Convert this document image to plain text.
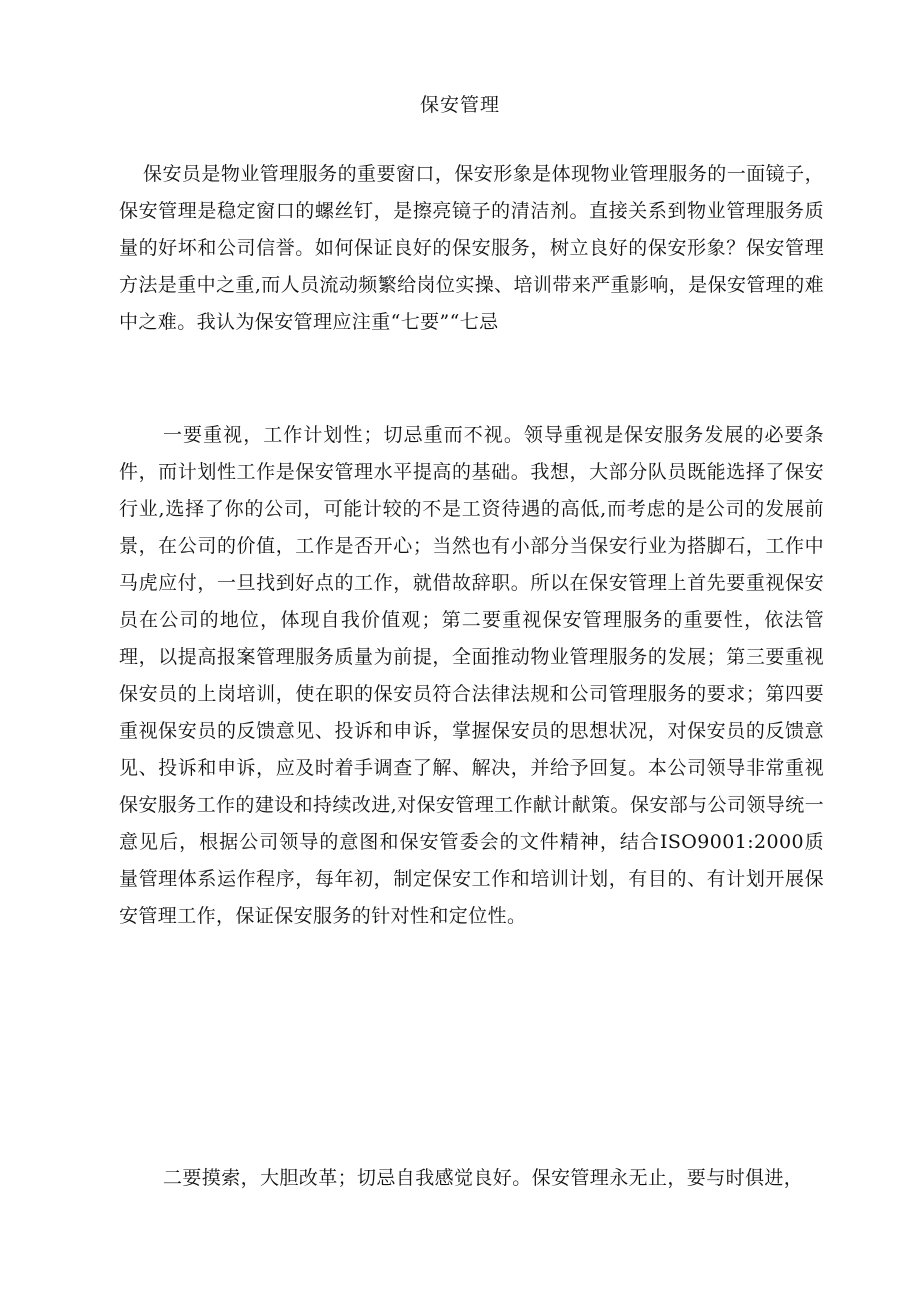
保安管理

保安员是物业管理服务的重要窗口，保安形象是体现物业管理服务的一面镜子，保安管理是稳定窗口的螺丝钉，是擦亮镜子的清洁剂。直接关系到物业管理服务质量的好坏和公司信誉。如何保证良好的保安服务，树立良好的保安形象？保安管理方法是重中之重,而人员流动频繁给岗位实操、培训带来严重影响，是保安管理的难中之难。我认为保安管理应注重“七要”“七忌

一要重视，工作计划性；切忌重而不视。领导重视是保安服务发展的必要条件，而计划性工作是保安管理水平提高的基础。我想，大部分队员既能选择了保安行业,选择了你的公司，可能计较的不是工资待遇的高低,而考虑的是公司的发展前景，在公司的价值，工作是否开心；当然也有小部分当保安行业为搭脚石，工作中马虎应付，一旦找到好点的工作，就借故辞职。所以在保安管理上首先要重视保安员在公司的地位，体现自我价值观；第二要重视保安管理服务的重要性，依法管理，以提高报案管理服务质量为前提，全面推动物业管理服务的发展；第三要重视保安员的上岗培训，使在职的保安员符合法律法规和公司管理服务的要求；第四要重视保安员的反馈意见、投诉和申诉，掌握保安员的思想状况，对保安员的反馈意见、投诉和申诉，应及时着手调查了解、解决，并给予回复。本公司领导非常重视保安服务工作的建设和持续改进,对保安管理工作献计献策。保安部与公司领导统一意见后，根据公司领导的意图和保安管委会的文件精神，结合ISO9001:2000质量管理体系运作程序，每年初，制定保安工作和培训计划，有目的、有计划开展保安管理工作，保证保安服务的针对性和定位性。

二要摸索，大胆改革；切忌自我感觉良好。保安管理永无止，要与时俱进，
